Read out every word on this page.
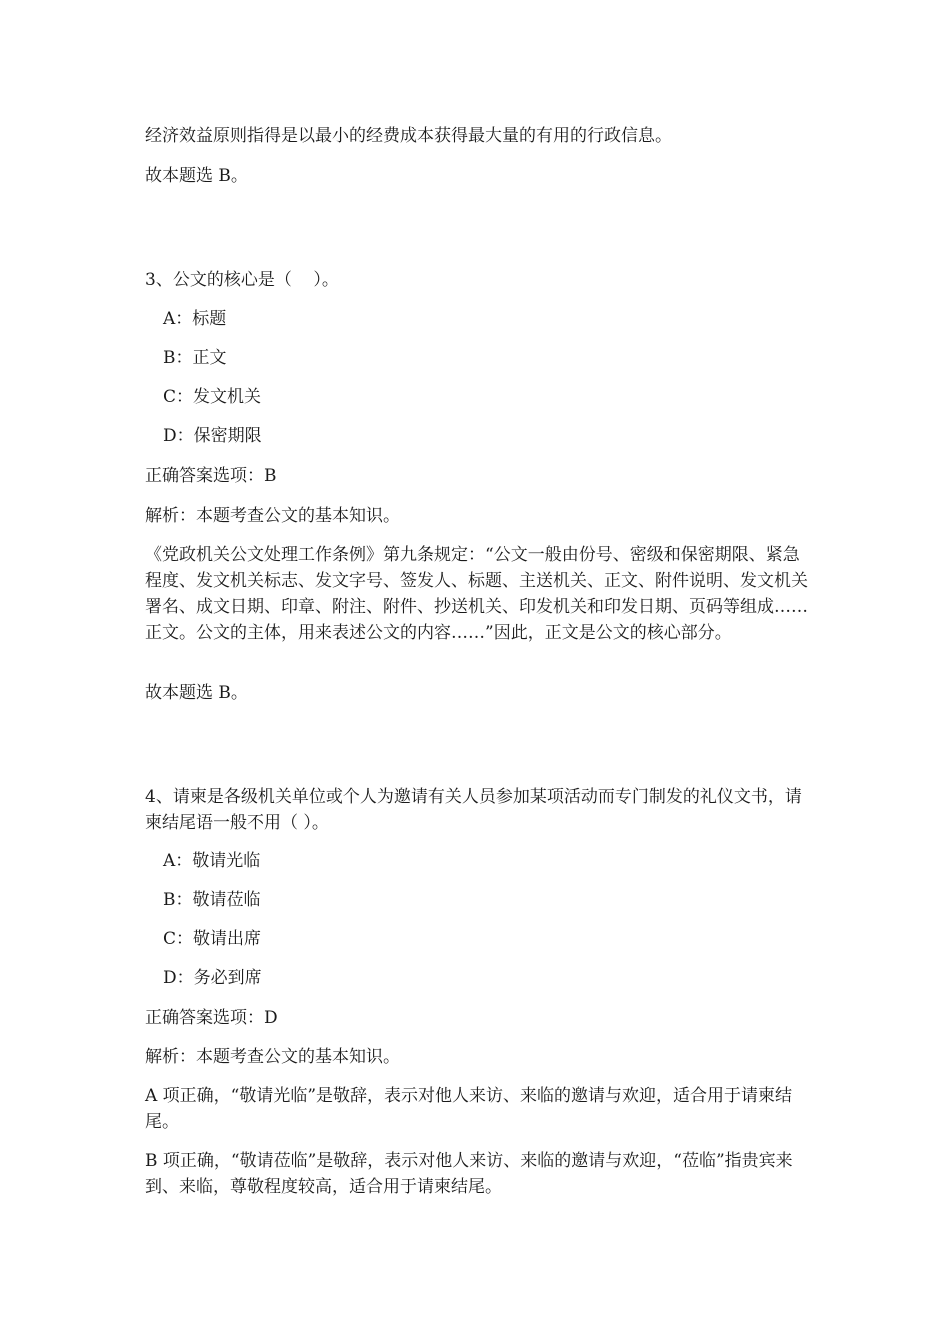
经济效益原则指得是以最小的经费成本获得最大量的有用的行政信息。
故本题选 B。
3、公文的核心是（    ）。
A：标题
B：正文
C：发文机关
D：保密期限
正确答案选项：B
解析：本题考查公文的基本知识。
《党政机关公文处理工作条例》第九条规定：“公文一般由份号、密级和保密期限、紧急程度、发文机关标志、发文字号、签发人、标题、主送机关、正文、附件说明、发文机关署名、成文日期、印章、附注、附件、抄送机关、印发机关和印发日期、页码等组成……正文。公文的主体，用来表述公文的内容……”因此，正文是公文的核心部分。
故本题选 B。
4、请柬是各级机关单位或个人为邀请有关人员参加某项活动而专门制发的礼仪文书，请柬结尾语一般不用（ ）。
A：敬请光临
B：敬请莅临
C：敬请出席
D：务必到席
正确答案选项：D
解析：本题考查公文的基本知识。
A 项正确，“敬请光临”是敬辞，表示对他人来访、来临的邀请与欢迎，适合用于请柬结尾。
B 项正确，“敬请莅临”是敬辞，表示对他人来访、来临的邀请与欢迎，“莅临”指贵宾来到、来临，尊敬程度较高，适合用于请柬结尾。
